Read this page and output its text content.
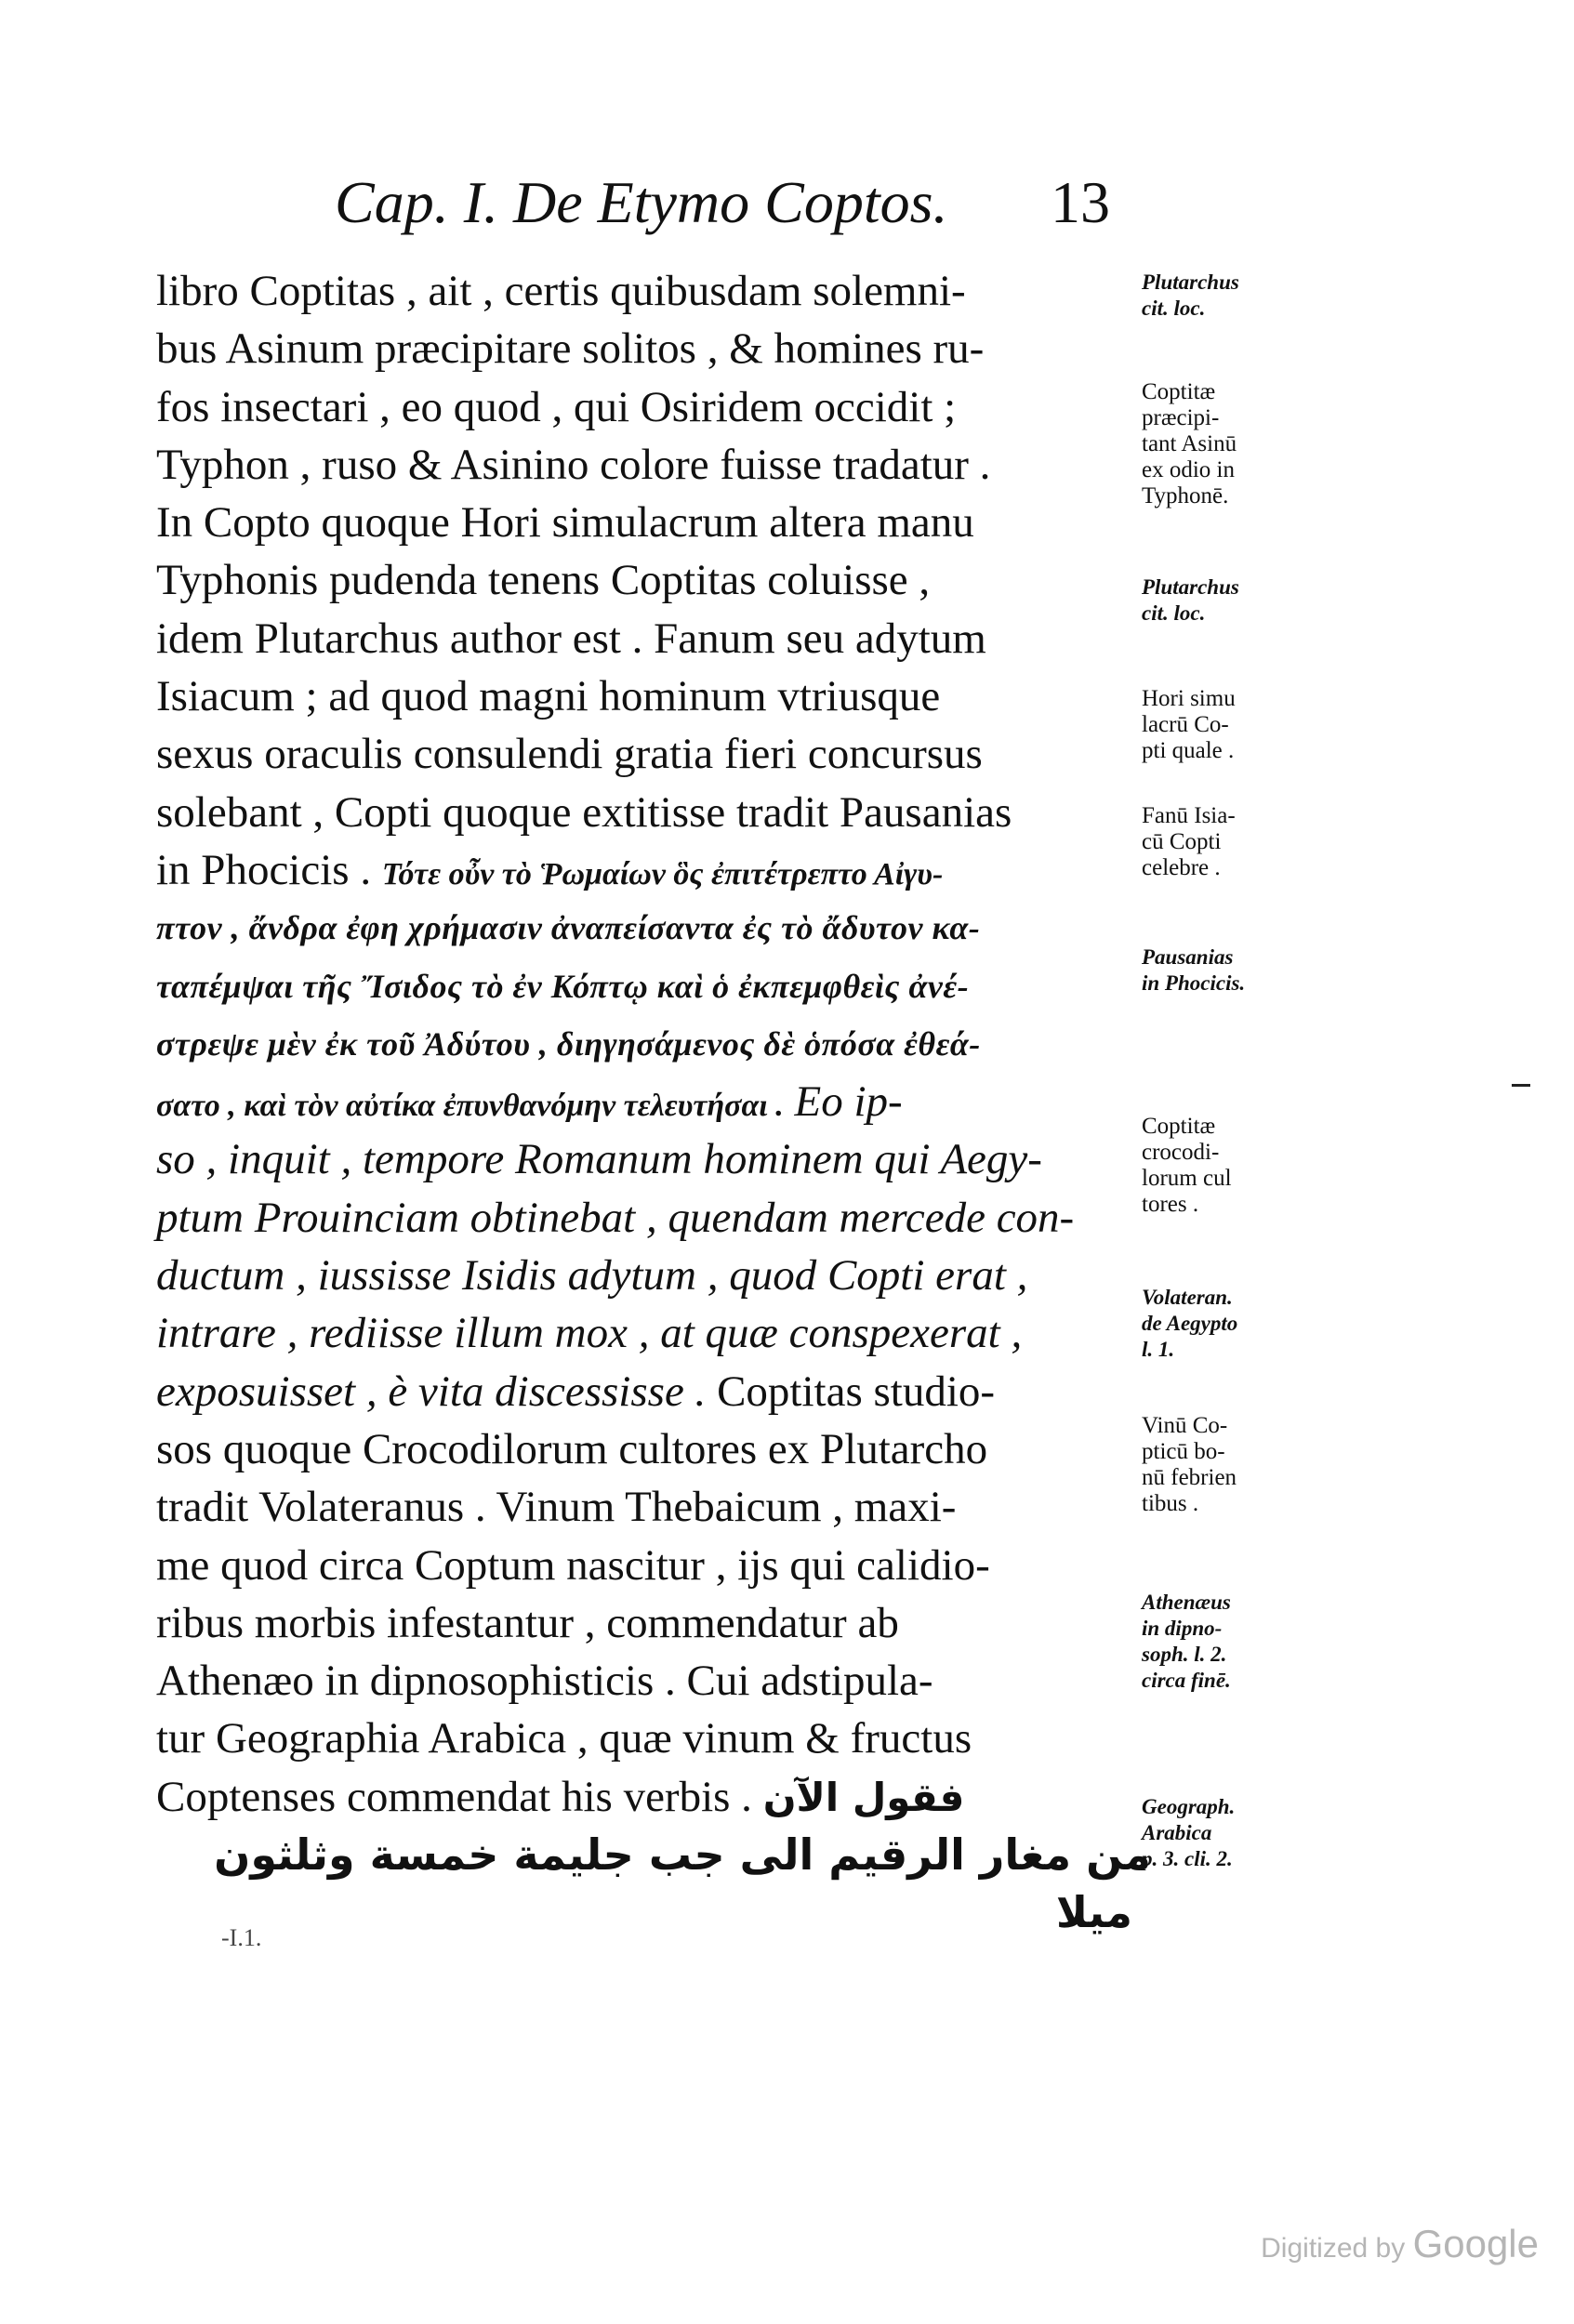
Cap. I. De Etymo Coptos. 13
libro Coptitas , ait , certis quibusdam solemni-
bus Asinum præcipitare solitos , & homines ru-
fos insectari , eo quod , qui Osiridem occidit ;
Typhon , ruso & Asinino colore fuisse tradatur .
In Copto quoque Hori simulacrum altera manu
Typhonis pudenda tenens Coptitas coluisse ,
idem Plutarchus author est . Fanum seu adytum
Isiacum ; ad quod magni hominum vtriusque
sexus oraculis consulendi gratia fieri concursus
solebant , Copti quoque extitisse tradit Pausanias
in Phocicis . Τότε οὖν τὸ Ῥωμαίων ὃς ἐπιτέτρεπτο Αἰγυ-
πτον , ἄνδρα ἐφη χρήμασιν ἀναπείσαντα ἐς τὸ ἄδυτον κα-
ταπέμψαι τῆς Ἴσιδος τὸ ἐν Κόπτῳ καὶ ὁ ἐκπεμφθεὶς ἀνέ-
στρεψε μὲν ἐκ τοῦ Ἀδύτου , διηγησάμενος δὲ ὁπόσα ἐθεά-
σατο , καὶ τὸν αὐτίκα ἐπυνθανόμην τελευτήσαι . Eo ip-
so , inquit , tempore Romanum hominem qui Aegy-
ptum Prouinciam obtinebat , quendam mercede con-
ductum , iussisse Isidis adytum , quod Copti erat ,
intrare , rediisse illum mox , at quæ conspexerat ,
exposuisset , è vita discessisse . Coptitas studio-
sos quoque Crocodilorum cultores ex Plutarcho
tradit Volateranus . Vinum Thebaicum , maxi-
me quod circa Coptum nascitur , ijs qui calidio-
ribus morbis infestantur , commendatur ab
Athenæo in dipnosophisticis . Cui adstipula-
tur Geographia Arabica , quæ vinum & fructus
Coptenses commendat his verbis . فقول الآن
من مغار الرقيم الى جب جليمة خمسة وثلثون
ميلا
Plutarchus
cit. loc.
Coptitæ
præcipi-
tant Asinū
ex odio in
Typhonē.
Plutarchus
cit. loc.
Hori simu
lacrū Co-
pti quale .
Fanū Isia-
cū Copti
celebre .
Pausanias
in Phocicis.
Coptitæ
crocodi-
lorum cul
tores .
Volateran.
de Aegypto
l. 1.
Vinū Co-
pticū bo-
nū febrien
tibus .
Athenæus
in dipno-
soph. l. 2.
circa finē.
Geograph.
Arabica
p. 3. cli. 2.
-I.1.
Digitized by Google
